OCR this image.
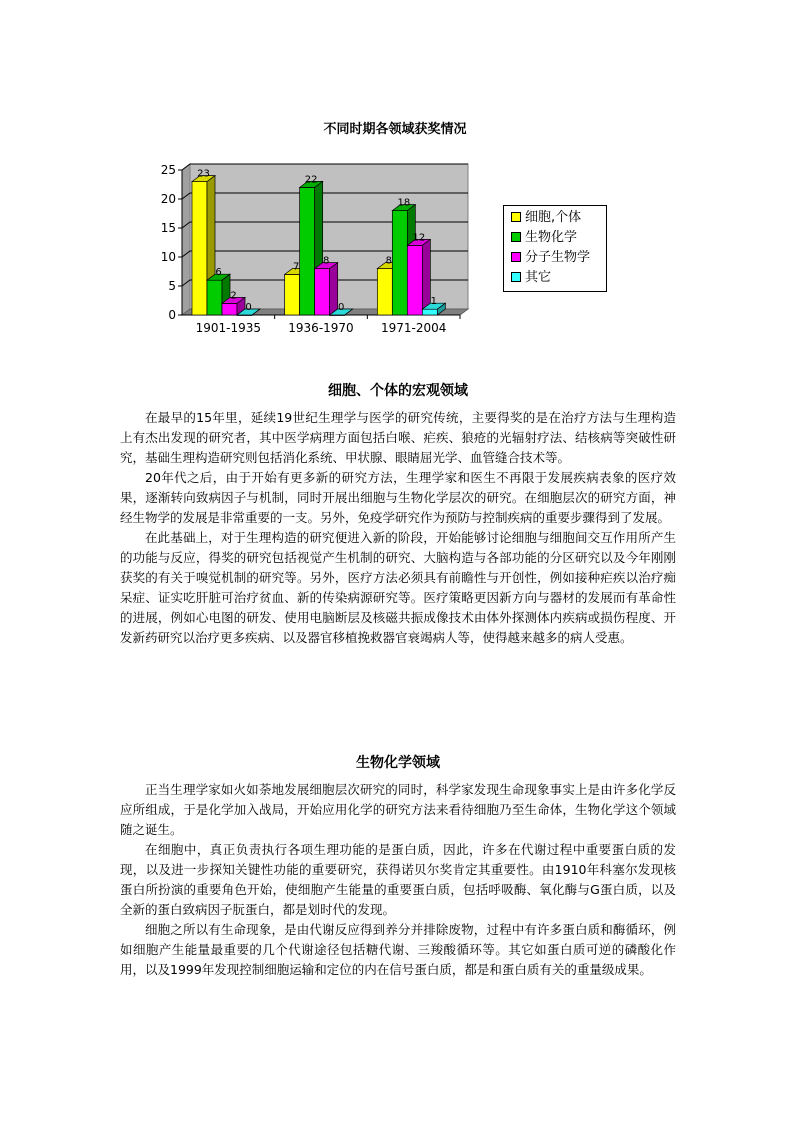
不同时期各领域获奖情况
0
5
10
15
20
25 23
6
2
0
1901-1935
7
22
8
0
1936-1970
8
18
12
1
1971-2004
细胞,个体
生物化学
分子生物学
其它
细胞、个体的宏观领域

在最早的15年里，延续19世纪生理学与医学的研究传统，主要得奖的是在治疗方法与生理构造上有杰出发现的研究者，其中医学病理方面包括白喉、疟疾、狼疮的光辐射疗法、结核病等突破性研究，基础生理构造研究则包括消化系统、甲状腺、眼睛屈光学、血管缝合技术等。

20年代之后，由于开始有更多新的研究方法，生理学家和医生不再限于发展疾病表象的医疗效果，逐渐转向致病因子与机制，同时开展出细胞与生物化学层次的研究。在细胞层次的研究方面，神经生物学的发展是非常重要的一支。另外，免疫学研究作为预防与控制疾病的重要步骤得到了发展。

在此基础上，对于生理构造的研究便进入新的阶段，开始能够讨论细胞与细胞间交互作用所产生的功能与反应，得奖的研究包括视觉产生机制的研究、大脑构造与各部功能的分区研究以及今年刚刚获奖的有关于嗅觉机制的研究等。另外，医疗方法必须具有前瞻性与开创性，例如接种疟疾以治疗痴呆症、证实吃肝脏可治疗贫血、新的传染病源研究等。医疗策略更因新方向与器材的发展而有革命性的进展，例如心电图的研发、使用电脑断层及核磁共振成像技术由体外探测体内疾病或损伤程度、开发新药研究以治疗更多疾病、以及器官移植挽救器官衰竭病人等，使得越来越多的病人受惠。

生物化学领域

正当生理学家如火如荼地发展细胞层次研究的同时，科学家发现生命现象事实上是由许多化学反应所组成，于是化学加入战局，开始应用化学的研究方法来看待细胞乃至生命体，生物化学这个领域随之诞生。

在细胞中，真正负责执行各项生理功能的是蛋白质，因此，许多在代谢过程中重要蛋白质的发现，以及进一步探知关键性功能的重要研究，获得诺贝尔奖肯定其重要性。由1910年科塞尔发现核蛋白所扮演的重要角色开始，使细胞产生能量的重要蛋白质，包括呼吸酶、氧化酶与G蛋白质，以及全新的蛋白致病因子朊蛋白，都是划时代的发现。

细胞之所以有生命现象，是由代谢反应得到养分并排除废物，过程中有许多蛋白质和酶循环，例如细胞产生能量最重要的几个代谢途径包括糖代谢、三羧酸循环等。其它如蛋白质可逆的磷酸化作用，以及1999年发现控制细胞运输和定位的内在信号蛋白质，都是和蛋白质有关的重量级成果。
